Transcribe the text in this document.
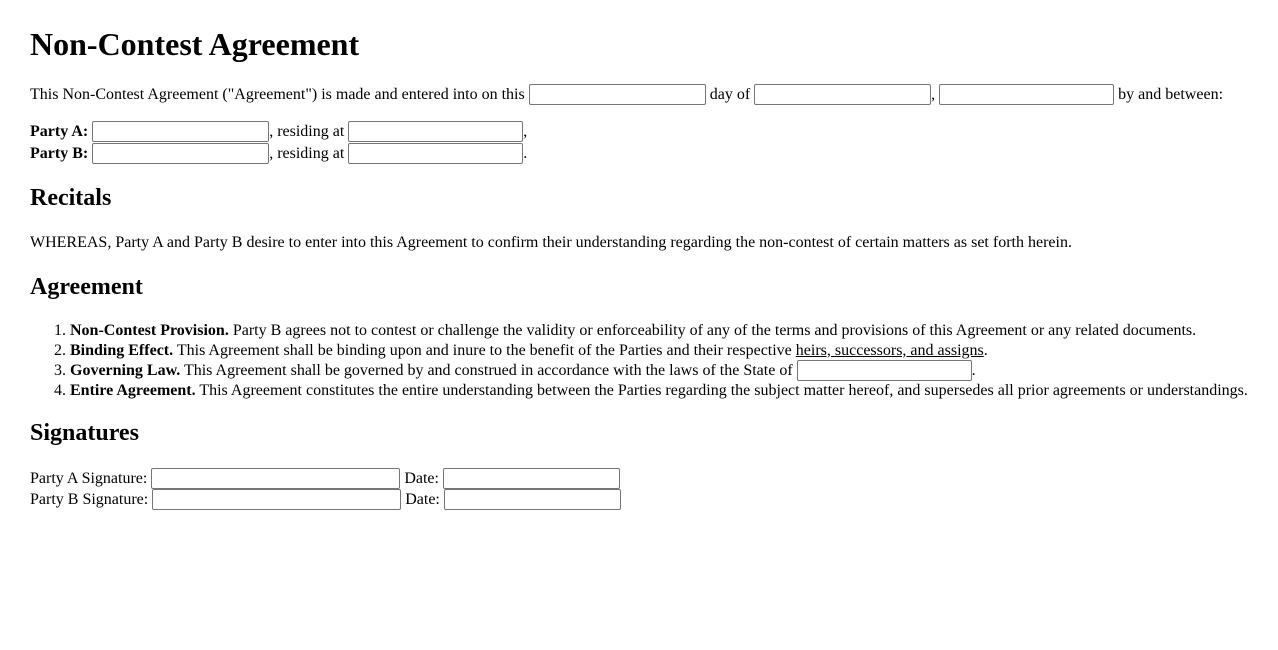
Non-Contest Agreement

This Non-Contest Agreement ("Agreement") is made and entered into on this	day of	,	by and between:

Party A:	, residing at	,
Party B:	, residing at	.

Recitals

WHEREAS, Party A and Party B desire to enter into this Agreement to confirm their understanding regarding the non-contest of certain matters as set forth herein.

Agreement
1. Non-Contest Provision. Party B agrees not to contest or challenge the validity or enforceability of any of the terms and provisions of this Agreement or any related documents.
2. Binding Effect. This Agreement shall be binding upon and inure to the benefit of the Parties and their respective heirs, successors, and assigns.
3. Governing Law. This Agreement shall be governed by and construed in accordance with the laws of the State of	.
4. Entire Agreement. This Agreement constitutes the entire understanding between the Parties regarding the subject matter hereof, and supersedes all prior agreements or understandings.
Signatures

Party A Signature:	Date:
Party B Signature:	Date:
